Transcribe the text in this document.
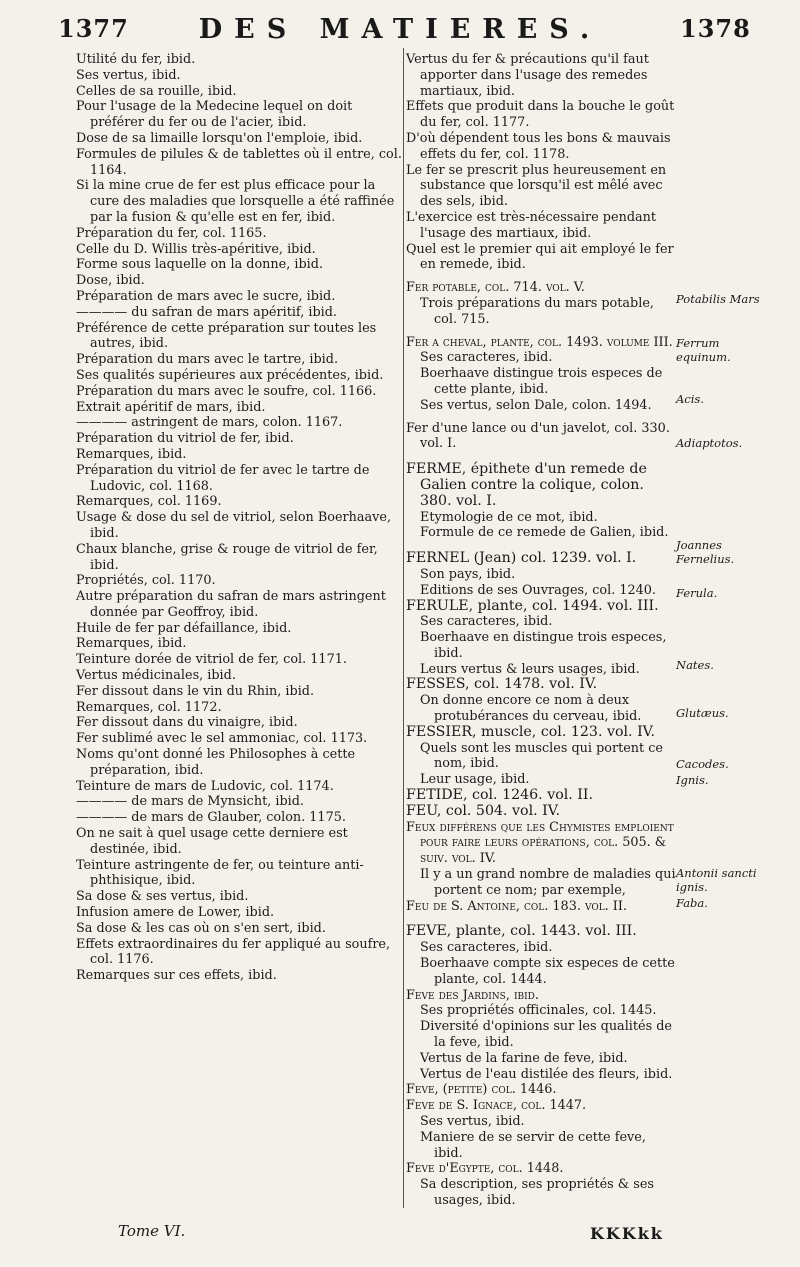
1377	DES MATIERES.	1378

Utilité du fer, ibid.

Ses vertus, ibid.

Celles de sa rouille, ibid.

Pour l'usage de la Medecine lequel on doit préférer du fer ou de l'acier, ibid.

Dose de sa limaille lorsqu'on l'emploie, ibid.

Formules de pilules & de tablettes où il entre, col. 1164.

Si la mine crue de fer est plus efficace pour la cure des maladies que lorsquelle a été raffinée par la fusion & qu'elle est en fer, ibid.

Préparation du fer, col. 1165.

Celle du D. Willis très-apéritive, ibid.

Forme sous laquelle on la donne, ibid.

Dose, ibid.

Préparation de mars avec le sucre, ibid.

———— du safran de mars apéritif, ibid.

Préférence de cette préparation sur toutes les autres, ibid.

Préparation du mars avec le tartre, ibid.

Ses qualités supérieures aux précédentes, ibid.

Préparation du mars avec le soufre, col. 1166.

Extrait apéritif de mars, ibid.

———— astringent de mars, colon. 1167.

Préparation du vitriol de fer, ibid.

Remarques, ibid.

Préparation du vitriol de fer avec le tartre de Ludovic, col. 1168.

Remarques, col. 1169.

Usage & dose du sel de vitriol, selon Boerhaave, ibid.

Chaux blanche, grise & rouge de vitriol de fer, ibid.

Propriétés, col. 1170.

Autre préparation du safran de mars astringent donnée par Geoffroy, ibid.

Huile de fer par défaillance, ibid.

Remarques, ibid.

Teinture dorée de vitriol de fer, col. 1171.

Vertus médicinales, ibid.

Fer dissout dans le vin du Rhin, ibid.

Remarques, col. 1172.

Fer dissout dans du vinaigre, ibid.

Fer sublimé avec le sel ammoniac, col. 1173.

Noms qu'ont donné les Philosophes à cette préparation, ibid.

Teinture de mars de Ludovic, col. 1174.

———— de mars de Mynsicht, ibid.

———— de mars de Glauber, colon. 1175.

On ne sait à quel usage cette derniere est destinée, ibid.

Teinture astringente de fer, ou teinture anti-phthisique, ibid.

Sa dose & ses vertus, ibid.

Infusion amere de Lower, ibid.

Sa dose & les cas où on s'en sert, ibid.

Effets extraordinaires du fer appliqué au soufre, col. 1176.

Remarques sur ces effets, ibid.

Vertus du fer & précautions qu'il faut apporter dans l'usage des remedes martiaux, ibid.

Effets que produit dans la bouche le goût du fer, col. 1177.

D'où dépendent tous les bons & mauvais effets du fer, col. 1178.

Le fer se prescrit plus heureusement en substance que lorsqu'il est mêlé avec des sels, ibid.

L'exercice est très-nécessaire pendant l'usage des martiaux, ibid.

Quel est le premier qui ait employé le fer en remede, ibid.

Fer potable, col. 714. vol. V.

Trois préparations du mars potable, col. 715.

Fer a cheval, plante, col. 1493. volume III.

Ses caracteres, ibid.

Boerhaave distingue trois especes de cette plante, ibid.

Ses vertus, selon Dale, colon. 1494.

Fer d'une lance ou d'un javelot, col. 330. vol. I.

FERME, épithete d'un remede de Galien contre la colique, colon. 380. vol. I.

Etymologie de ce mot, ibid.

Formule de ce remede de Galien, ibid.

FERNEL (Jean) col. 1239. vol. I.

Son pays, ibid.

Editions de ses Ouvrages, col. 1240.

FERULE, plante, col. 1494. vol. III.

Ses caracteres, ibid.

Boerhaave en distingue trois especes, ibid.

Leurs vertus & leurs usages, ibid.

FESSES, col. 1478. vol. IV.

On donne encore ce nom à deux protubérances du cerveau, ibid.

FESSIER, muscle, col. 123. vol. IV.

Quels sont les muscles qui portent ce nom, ibid.

Leur usage, ibid.

FETIDE, col. 1246. vol. II.

FEU, col. 504. vol. IV.

Feux différens que les Chymistes emploient pour faire leurs opérations, col. 505. & suiv. vol. IV.

Il y a un grand nombre de maladies qui portent ce nom; par exemple,

Feu de S. Antoine, col. 183. vol. II.

FEVE, plante, col. 1443. vol. III.

Ses caracteres, ibid.

Boerhaave compte six especes de cette plante, col. 1444.

Feve des Jardins, ibid.

Ses propriétés officinales, col. 1445.

Diversité d'opinions sur les qualités de la feve, ibid.

Vertus de la farine de feve, ibid.

Vertus de l'eau distilée des fleurs, ibid.

Feve, (petite) col. 1446.

Feve de S. Ignace, col. 1447.

Ses vertus, ibid.

Maniere de se servir de cette feve, ibid.

Feve d'Egypte, col. 1448.

Sa description, ses propriétés & ses usages, ibid.

Potabilis Mars
Ferrum equinum.
Acis.
Adiaptotos.
Joannes Fernelius.
Ferula.
Nates.
Glutæus.
Cacodes.
Ignis.
Antonii sancti ignis.
Faba.
Tome VI.	KKKkk
